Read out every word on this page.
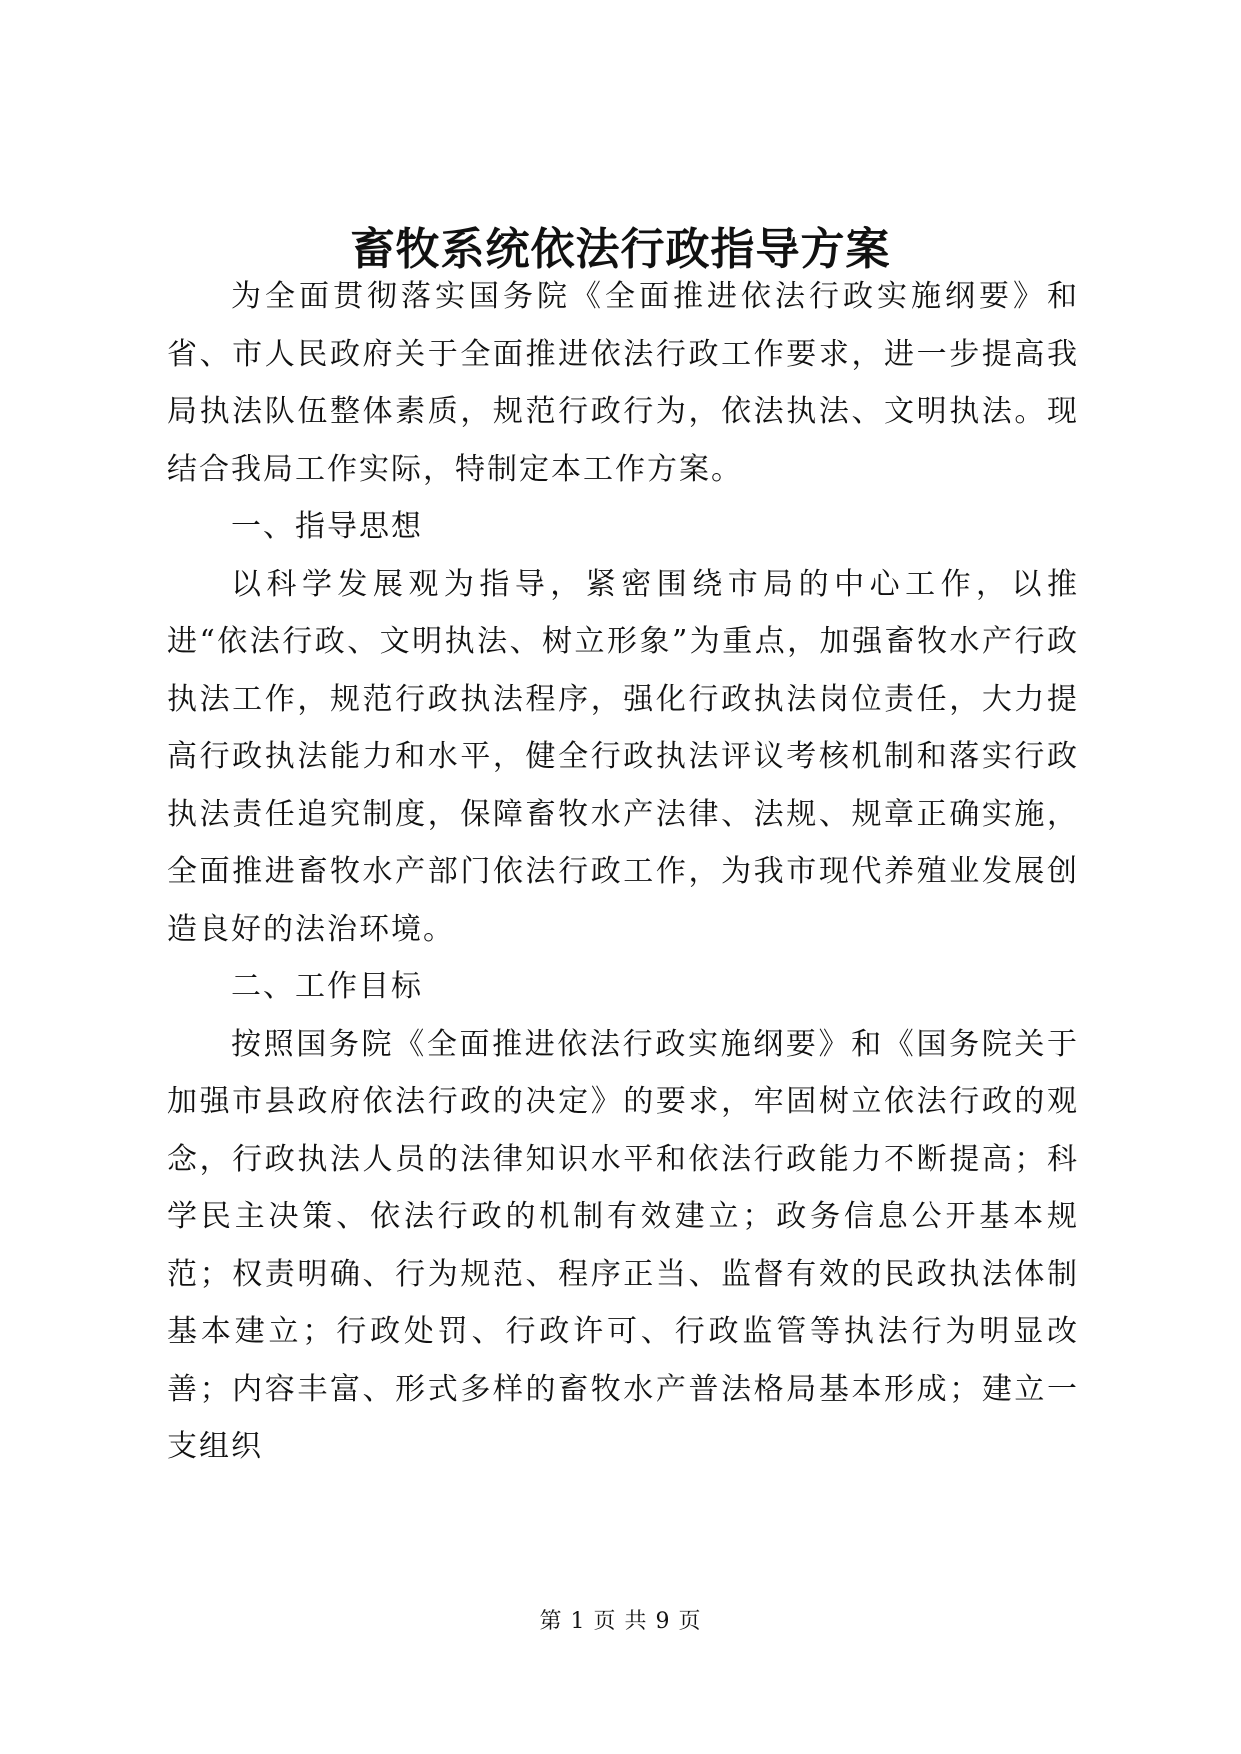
畜牧系统依法行政指导方案

为全面贯彻落实国务院《全面推进依法行政实施纲要》和省、市人民政府关于全面推进依法行政工作要求，进一步提高我局执法队伍整体素质，规范行政行为，依法执法、文明执法。现结合我局工作实际，特制定本工作方案。

一、指导思想

以科学发展观为指导，紧密围绕市局的中心工作，以推进“依法行政、文明执法、树立形象”为重点，加强畜牧水产行政执法工作，规范行政执法程序，强化行政执法岗位责任，大力提高行政执法能力和水平，健全行政执法评议考核机制和落实行政执法责任追究制度，保障畜牧水产法律、法规、规章正确实施，全面推进畜牧水产部门依法行政工作，为我市现代养殖业发展创造良好的法治环境。

二、工作目标

按照国务院《全面推进依法行政实施纲要》和《国务院关于加强市县政府依法行政的决定》的要求，牢固树立依法行政的观念，行政执法人员的法律知识水平和依法行政能力不断提高；科学民主决策、依法行政的机制有效建立；政务信息公开基本规范；权责明确、行为规范、程序正当、监督有效的民政执法体制基本建立；行政处罚、行政许可、行政监管等执法行为明显改善；内容丰富、形式多样的畜牧水产普法格局基本形成；建立一支组织

第 1 页 共 9 页
